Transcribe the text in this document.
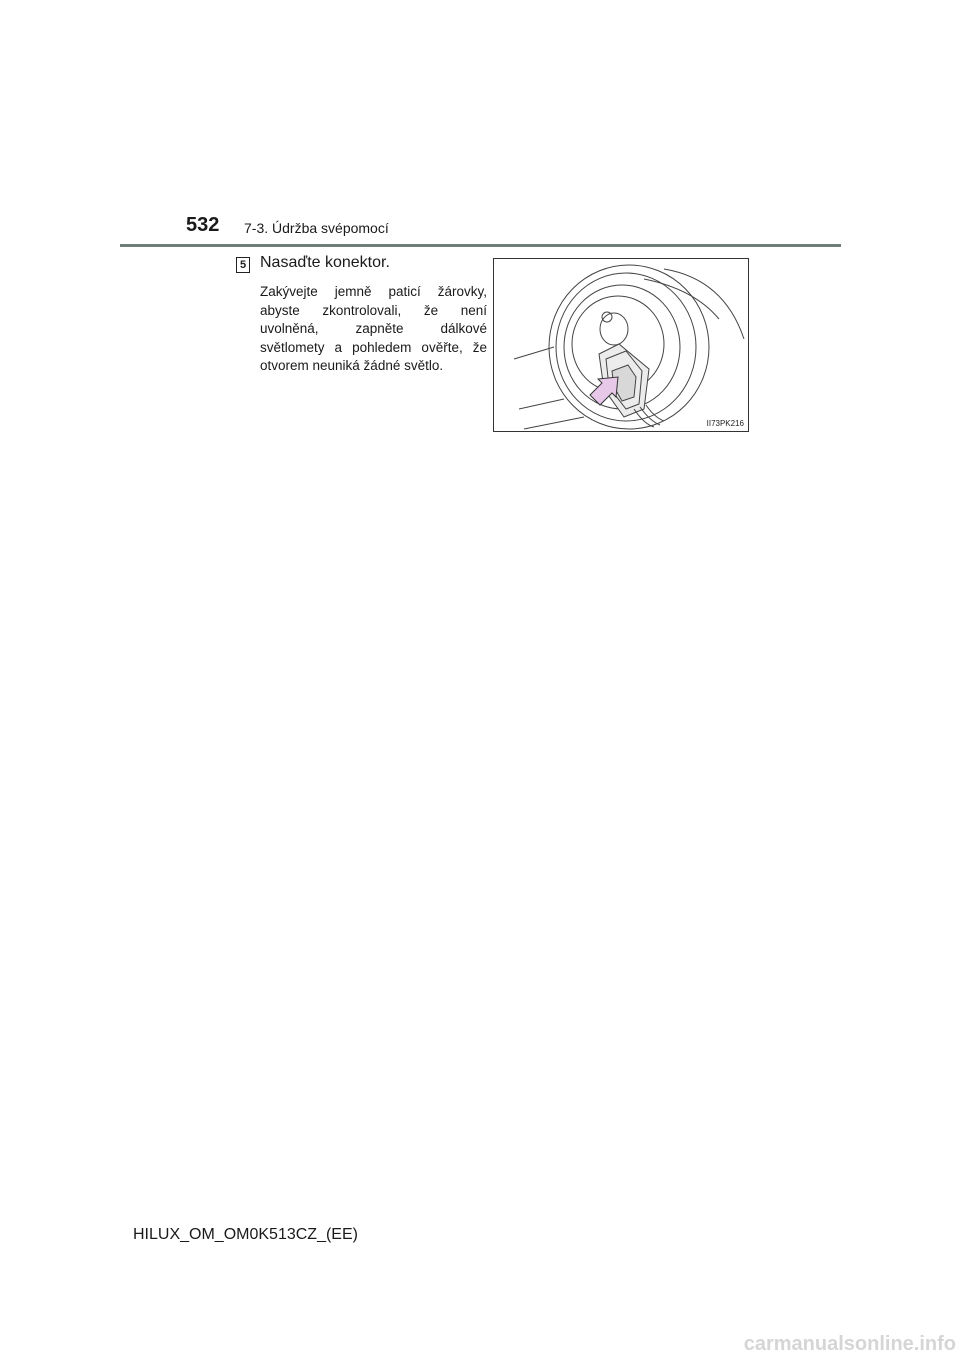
532 7-3. Údržba svépomocí
5 Nasaďte konektor.
Zakývejte jemně paticí žárovky, abyste zkontrolovali, že není uvolněná, zapněte dálkové světlomety a pohledem ověřte, že otvorem neuniká žádné světlo.
II73PK216
HILUX_OM_OM0K513CZ_(EE)
carmanualsonline.info
